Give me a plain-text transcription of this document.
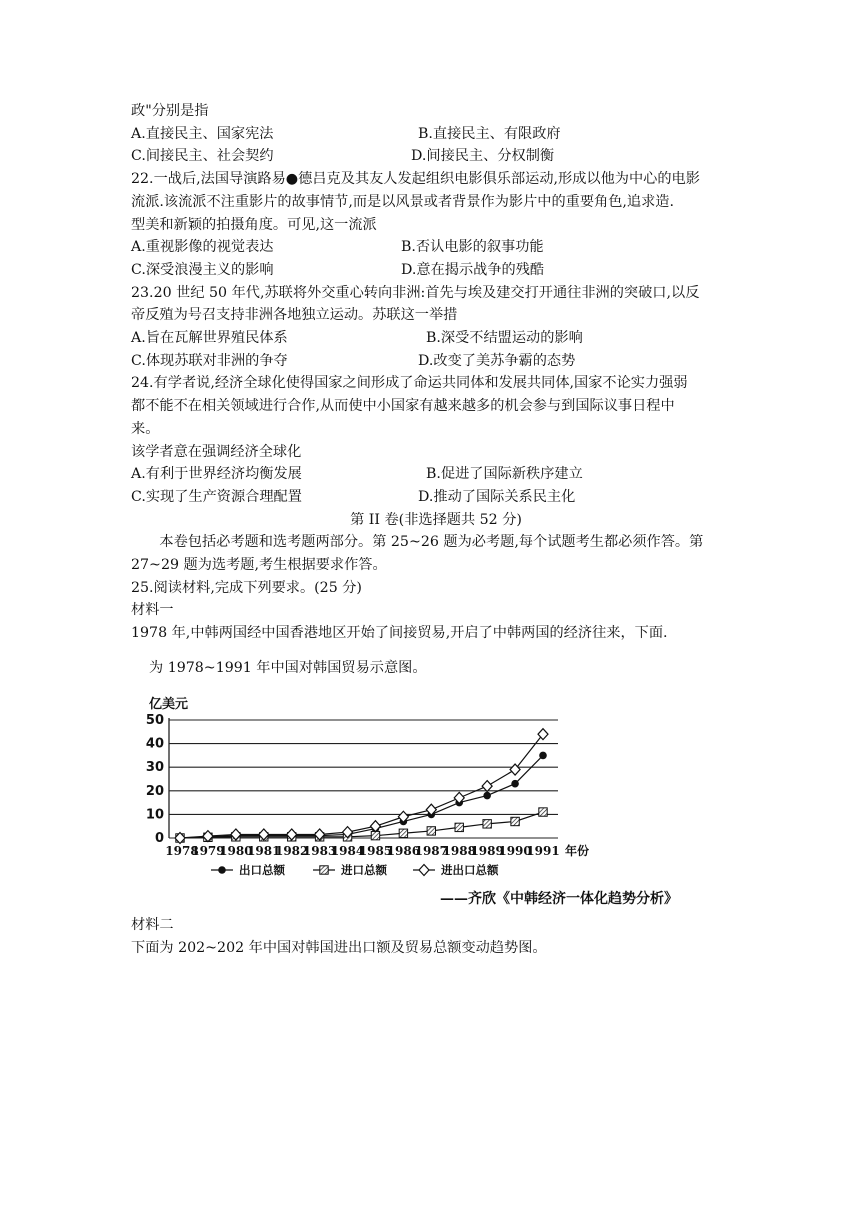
政"分别是指
A.直接民主、国家宪法	B.直接民主、有限政府
C.间接民主、社会契约	D.间接民主、分权制衡
22.一战后,法国导演路易●德吕克及其友人发起组织电影俱乐部运动,形成以他为中心的电影
流派.该流派不注重影片的故事情节,而是以风景或者背景作为影片中的重要角色,追求造.
型美和新颖的拍摄角度。可见,这一流派
A.重视影像的视觉表达	B.否认电影的叙事功能
C.深受浪漫主义的影响	D.意在揭示战争的残酷
23.20 世纪 50 年代,苏联将外交重心转向非洲:首先与埃及建交打开通往非洲的突破口,以反
帝反殖为号召支持非洲各地独立运动。苏联这一举措
A.旨在瓦解世界殖民体系	B.深受不结盟运动的影响
C.体现苏联对非洲的争夺	D.改变了美苏争霸的态势
24.有学者说,经济全球化使得国家之间形成了命运共同体和发展共同体,国家不论实力强弱
都不能不在相关领域进行合作,从而使中小国家有越来越多的机会参与到国际议事日程中
来。
该学者意在强调经济全球化
A.有利于世界经济均衡发展	B.促进了国际新秩序建立
C.实现了生产资源合理配置	D.推动了国际关系民主化
第 II 卷(非选择题共 52 分)
本卷包括必考题和选考题两部分。第 25~26 题为必考题,每个试题考生都必须作答。第
27~29 题为选考题,考生根据要求作答。
25.阅读材料,完成下列要求。(25 分)
材料一
1978 年,中韩两国经中国香港地区开始了间接贸易,开启了中韩两国的经济往来，下面.
为 1978~1991 年中国对韩国贸易示意图。
0
10
20
30
40
50
亿美元
1978
1979
1980
1981
1982
1983
1984
1985
1986
1987
1988
1989
1990
1991 年份
出口总额	进口总额	进出口总额
——齐欣《中韩经济一体化趋势分析》
材料二
下面为 202~202 年中国对韩国进出口额及贸易总额变动趋势图。
